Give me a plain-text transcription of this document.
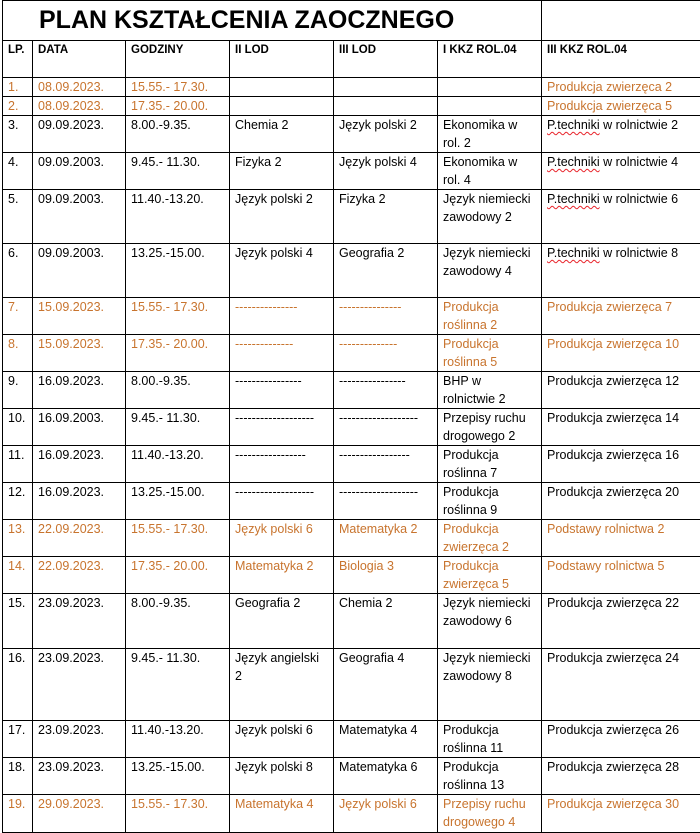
PLAN KSZTAŁCENIA ZAOCZNEGO						
LP.	DATA	GODZINY	II LOD	III LOD	I KKZ ROL.04	III KKZ ROL.04
1.	08.09.2023.	15.55.- 17.30.				Produkcja zwierzęca 2
2.	08.09.2023.	17.35.- 20.00.				Produkcja zwierzęca 5
3.	09.09.2023.	8.00.-9.35.	Chemia 2	Język polski 2	Ekonomika w rol. 2	P.techniki w rolnictwie 2
4.	09.09.2003.	9.45.- 11.30.	Fizyka 2	Język polski 4	Ekonomika w rol. 4	P.techniki w rolnictwie 4
5.	09.09.2003.	11.40.-13.20.	Język polski 2	Fizyka 2	Język niemiecki zawodowy 2	P.techniki w rolnictwie 6
6.	09.09.2003.	13.25.-15.00.	Język polski 4	Geografia 2	Język niemiecki zawodowy 4	P.techniki w rolnictwie 8
7.	15.09.2023.	15.55.- 17.30.	---------------	---------------	Produkcja roślinna 2	Produkcja zwierzęca 7
8.	15.09.2023.	17.35.- 20.00.	--------------	--------------	Produkcja roślinna 5	Produkcja zwierzęca 10
9.	16.09.2023.	8.00.-9.35.	----------------	----------------	BHP w rolnictwie 2	Produkcja zwierzęca 12
10.	16.09.2003.	9.45.- 11.30.	-------------------	-------------------	Przepisy ruchu drogowego 2	Produkcja zwierzęca 14
11.	16.09.2023.	11.40.-13.20.	-----------------	-----------------	Produkcja roślinna 7	Produkcja zwierzęca 16
12.	16.09.2023.	13.25.-15.00.	-------------------	-------------------	Produkcja roślinna 9	Produkcja zwierzęca 20
13.	22.09.2023.	15.55.- 17.30.	Język polski 6	Matematyka 2	Produkcja zwierzęca 2	Podstawy rolnictwa 2
14.	22.09.2023.	17.35.- 20.00.	Matematyka 2	Biologia 3	Produkcja zwierzęca 5	Podstawy rolnictwa 5
15.	23.09.2023.	8.00.-9.35.	Geografia 2	Chemia 2	Język niemiecki zawodowy 6	Produkcja zwierzęca 22
16.	23.09.2023.	9.45.- 11.30.	Język angielski 2	Geografia 4	Język niemiecki zawodowy 8	Produkcja zwierzęca 24
17.	23.09.2023.	11.40.-13.20.	Język polski 6	Matematyka 4	Produkcja roślinna 11	Produkcja zwierzęca 26
18.	23.09.2023.	13.25.-15.00.	Język polski 8	Matematyka 6	Produkcja roślinna 13	Produkcja zwierzęca 28
19.	29.09.2023.	15.55.- 17.30.	Matematyka 4	Język polski 6	Przepisy ruchu drogowego 4	Produkcja zwierzęca 30
